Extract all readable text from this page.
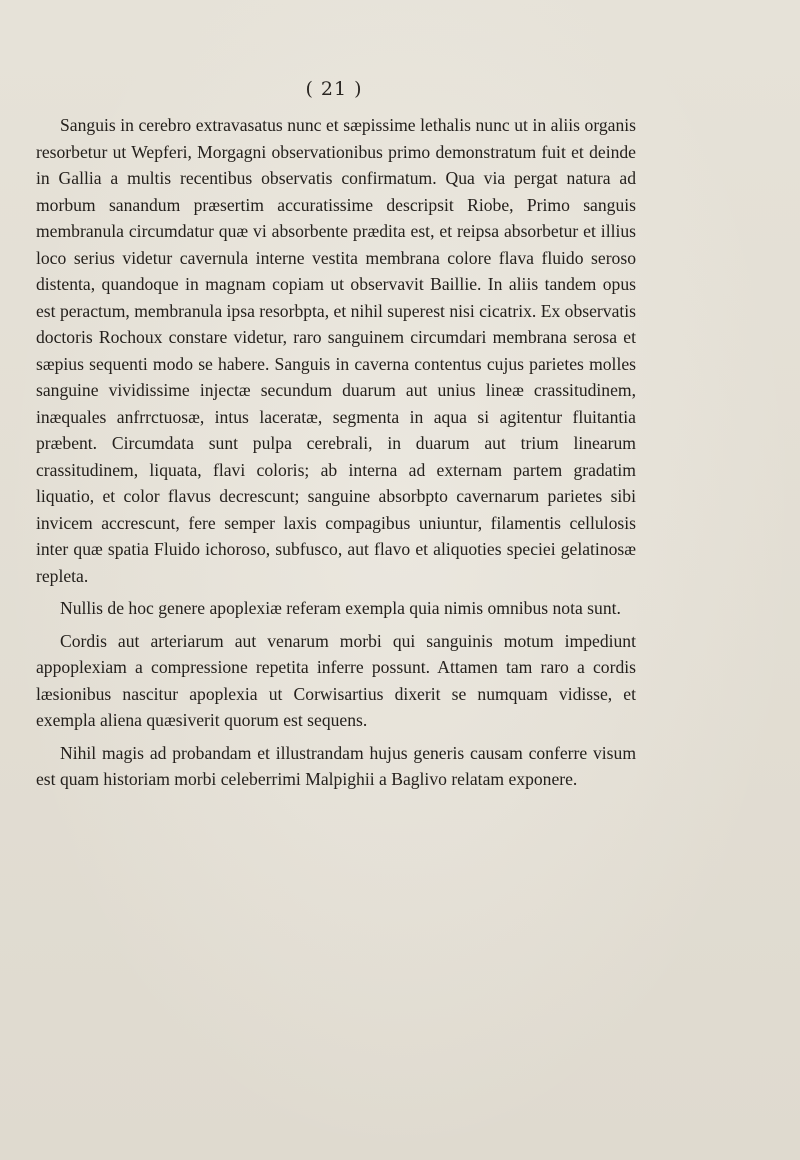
( 21 )

Sanguis in cerebro extravasatus nunc et sæpissime lethalis nunc ut in aliis organis resorbetur ut Wepferi, Morgagni observationibus primo demonstratum fuit et deinde in Gallia a multis recentibus observatis confirmatum. Qua via pergat natura ad morbum sanandum præsertim accuratissime descripsit Riobe, Primo sanguis membranula circumdatur quæ vi absorbente prædita est, et reipsa absorbetur et illius loco serius videtur cavernula interne vestita membrana colore flava fluido seroso distenta, quandoque in magnam copiam ut observavit Baillie. In aliis tandem opus est peractum, membranula ipsa resorbpta, et nihil superest nisi cicatrix. Ex observatis doctoris Rochoux constare videtur, raro sanguinem circumdari membrana serosa et sæpius sequenti modo se habere. Sanguis in caverna contentus cujus parietes molles sanguine vividissime injectæ secundum duarum aut unius lineæ crassitudinem, inæquales anfrrctuosæ, intus laceratæ, segmenta in aqua si agitentur fluitantia præbent. Circumdata sunt pulpa cerebrali, in duarum aut trium linearum crassitudinem, liquata, flavi coloris; ab interna ad externam partem gradatim liquatio, et color flavus decrescunt; sanguine absorbpto cavernarum parietes sibi invicem accrescunt, fere semper laxis compagibus uniuntur, filamentis cellulosis inter quæ spatia Fluido ichoroso, subfusco, aut flavo et aliquoties speciei gelatinosæ repleta.

Nullis de hoc genere apoplexiæ referam exempla quia nimis omnibus nota sunt.

Cordis aut arteriarum aut venarum morbi qui sanguinis motum impediunt appoplexiam a compressione repetita inferre possunt. Attamen tam raro a cordis læsionibus nascitur apoplexia ut Corwisartius dixerit se numquam vidisse, et exempla aliena quæsiverit quorum est sequens.

Nihil magis ad probandam et illustrandam hujus generis causam conferre visum est quam historiam morbi celeberrimi Malpighii a Baglivo relatam exponere.
